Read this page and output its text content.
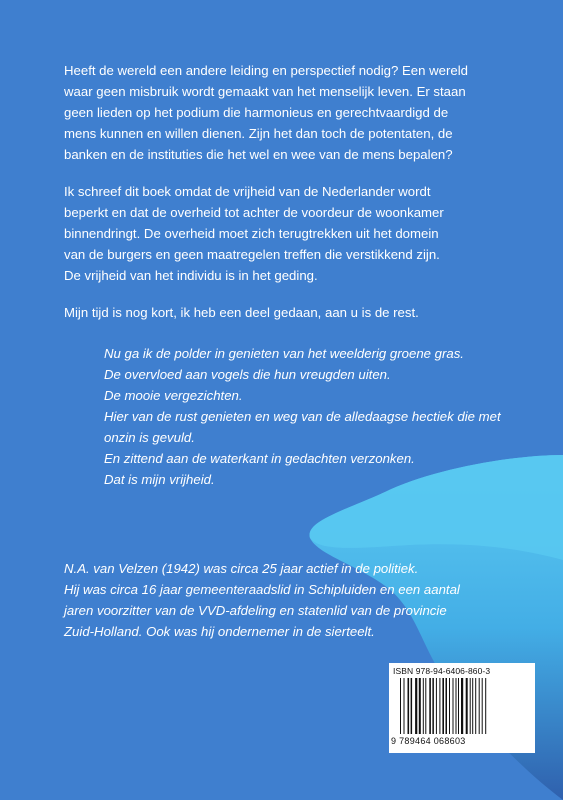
Heeft de wereld een andere leiding en perspectief nodig? Een wereld
waar geen misbruik wordt gemaakt van het menselijk leven. Er staan
geen lieden op het podium die harmonieus en gerechtvaardigd de
mens kunnen en willen dienen. Zijn het dan toch de potentaten, de
banken en de instituties die het wel en wee van de mens bepalen?
Ik schreef dit boek omdat de vrijheid van de Nederlander wordt
beperkt en dat de overheid tot achter de voordeur de woonkamer
binnendringt. De overheid moet zich terugtrekken uit het domein
van de burgers en geen maatregelen treffen die verstikkend zijn.
De vrijheid van het individu is in het geding.
Mijn tijd is nog kort, ik heb een deel gedaan, aan u is de rest.
Nu ga ik de polder in genieten van het weelderig groene gras.
De overvloed aan vogels die hun vreugden uiten.
De mooie vergezichten.
Hier van de rust genieten en weg van de alledaagse hectiek die met onzin is gevuld.
En zittend aan de waterkant in gedachten verzonken.
Dat is mijn vrijheid.
N.A. van Velzen (1942) was circa 25 jaar actief in de politiek.
Hij was circa 16 jaar gemeenteraadslid in Schipluiden en een aantal
jaren voorzitter van de VVD-afdeling en statenlid van de provincie
Zuid-Holland. Ook was hij ondernemer in de sierteelt.
ISBN 978-94-6406-860-3
9 789464 068603
